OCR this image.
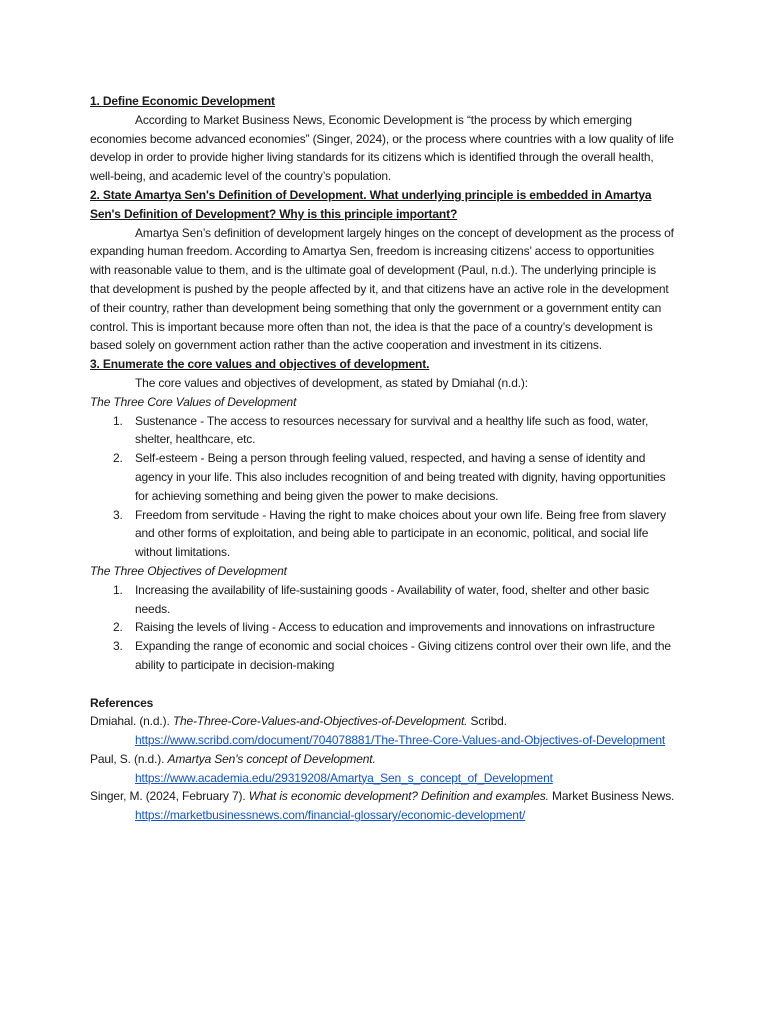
1. Define Economic Development

According to Market Business News, Economic Development is “the process by which emerging economies become advanced economies” (Singer, 2024), or the process where countries with a low quality of life develop in order to provide higher living standards for its citizens which is identified through the overall health, well-being, and academic level of the country’s population.

2. State Amartya Sen's Definition of Development. What underlying principle is embedded in Amartya Sen's Definition of Development? Why is this principle important?

Amartya Sen’s definition of development largely hinges on the concept of development as the process of expanding human freedom. According to Amartya Sen, freedom is increasing citizens’ access to opportunities with reasonable value to them, and is the ultimate goal of development (Paul, n.d.). The underlying principle is that development is pushed by the people affected by it, and that citizens have an active role in the development of their country, rather than development being something that only the government or a government entity can control. This is important because more often than not, the idea is that the pace of a country’s development is based solely on government action rather than the active cooperation and investment in its citizens.

3. Enumerate the core values and objectives of development.

The core values and objectives of development, as stated by Dmiahal (n.d.):

The Three Core Values of Development

1.	Sustenance - The access to resources necessary for survival and a healthy life such as food, water, shelter, healthcare, etc.
2.	Self-esteem - Being a person through feeling valued, respected, and having a sense of identity and agency in your life. This also includes recognition of and being treated with dignity, having opportunities for achieving something and being given the power to make decisions.
3.	Freedom from servitude - Having the right to make choices about your own life. Being free from slavery and other forms of exploitation, and being able to participate in an economic, political, and social life without limitations.

The Three Objectives of Development

1.	Increasing the availability of life-sustaining goods - Availability of water, food, shelter and other basic needs.
2.	Raising the levels of living - Access to education and improvements and innovations on infrastructure
3.	Expanding the range of economic and social choices - Giving citizens control over their own life, and the ability to participate in decision-making

References

Dmiahal. (n.d.). The-Three-Core-Values-and-Objectives-of-Development. Scribd.
https://www.scribd.com/document/704078881/The-Three-Core-Values-and-Objectives-of-Development

Paul, S. (n.d.). Amartya Sen's concept of Development.
https://www.academia.edu/29319208/Amartya_Sen_s_concept_of_Development

Singer, M. (2024, February 7). What is economic development? Definition and examples. Market Business News.
https://marketbusinessnews.com/financial-glossary/economic-development/
